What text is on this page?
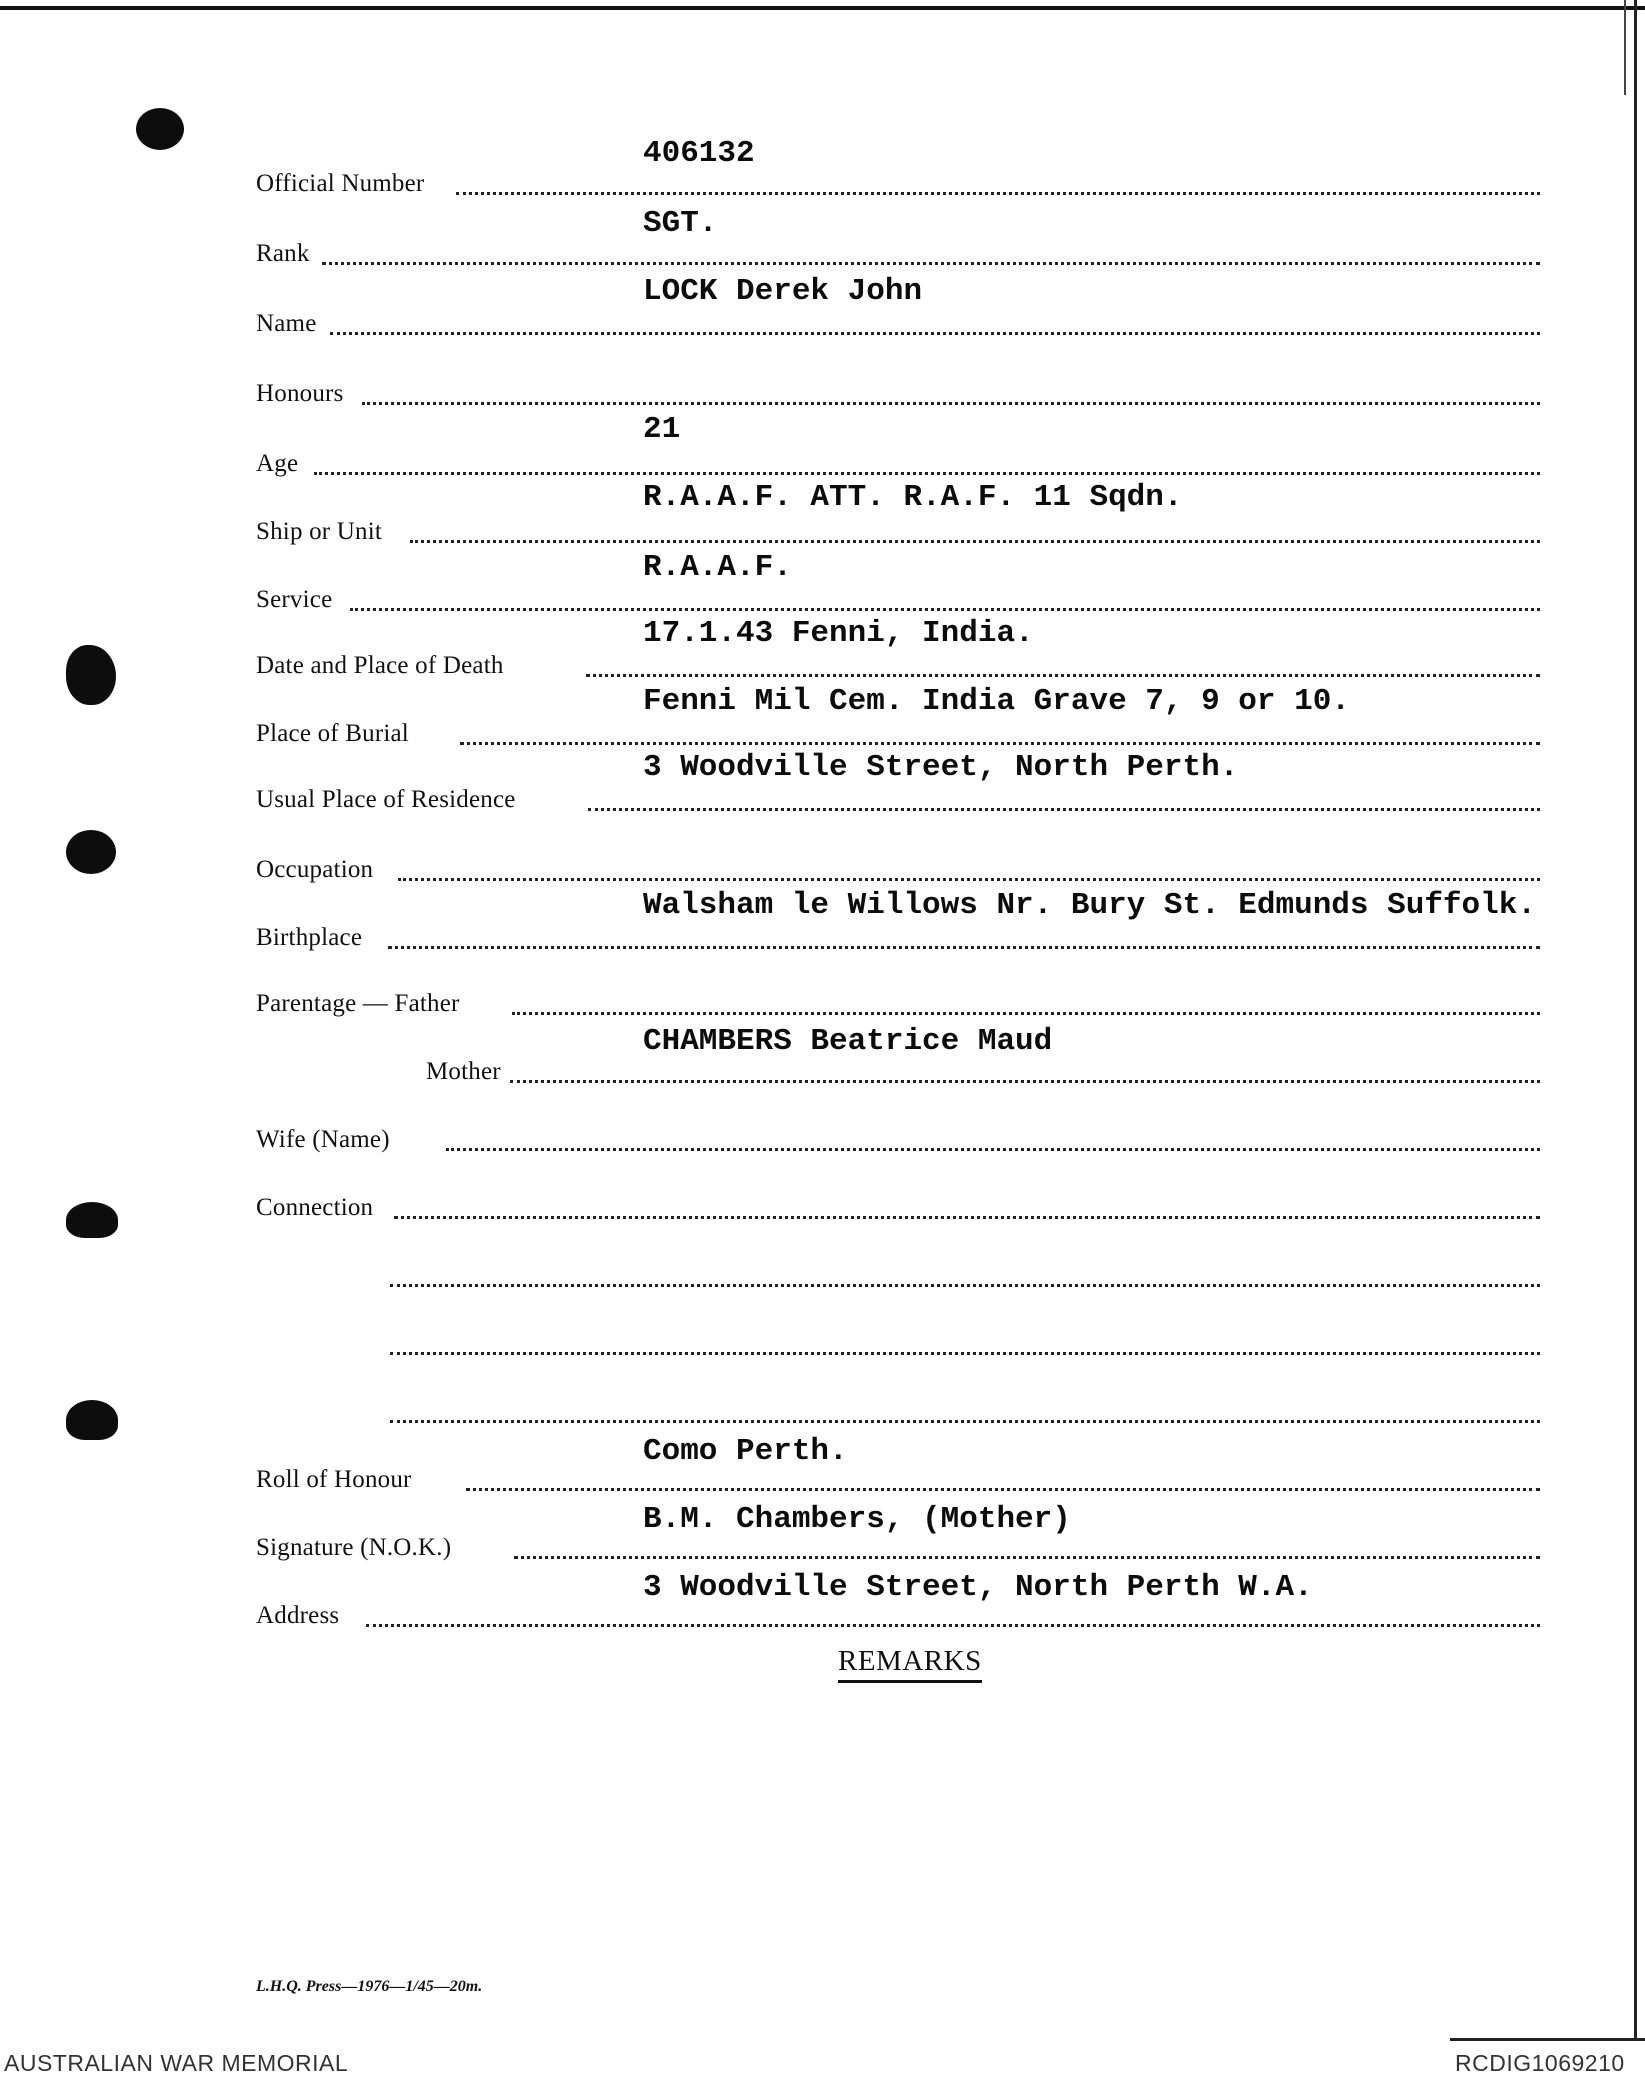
406132
Official Number
SGT.
Rank
LOCK Derek John
Name
Honours
21
Age
R.A.A.F. ATT. R.A.F. 11 Sqdn.
Ship or Unit
R.A.A.F.
Service
17.1.43 Fenni, India.
Date and Place of Death
Fenni Mil Cem. India Grave 7, 9 or 10.
Place of Burial
3 Woodville Street, North Perth.
Usual Place of Residence
Occupation
Walsham le Willows Nr. Bury St. Edmunds Suffolk.
Birthplace
Parentage — Father
CHAMBERS Beatrice Maud
Mother
Wife (Name)
Connection
Como Perth.
Roll of Honour
B.M. Chambers, (Mother)
Signature (N.O.K.)
3 Woodville Street, North Perth W.A.
Address
REMARKS
L.H.Q. Press—1976—1/45—20m.
AUSTRALIAN WAR MEMORIAL	RCDIG1069210
